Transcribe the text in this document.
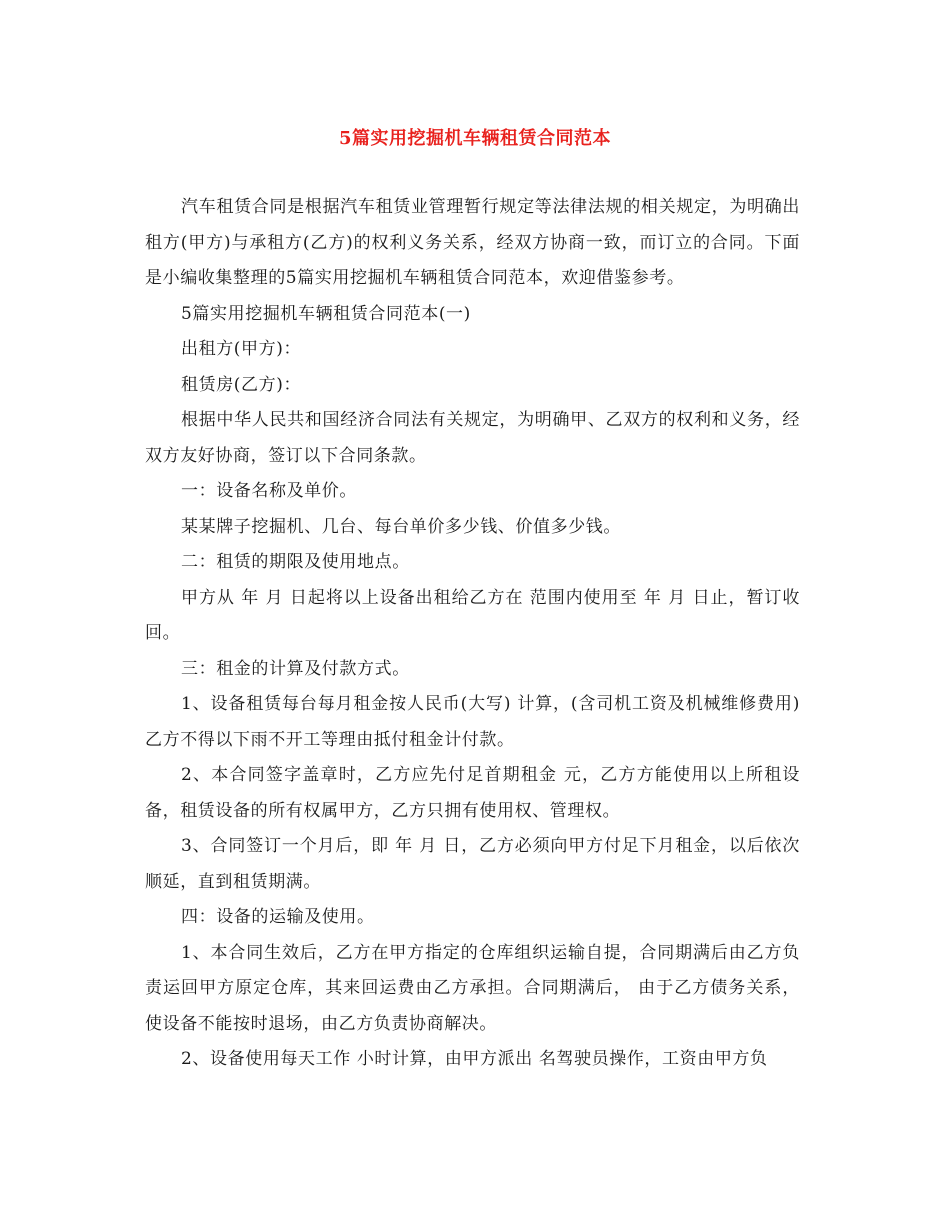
5篇实用挖掘机车辆租赁合同范本

汽车租赁合同是根据汽车租赁业管理暂行规定等法律法规的相关规定，为明确出租方(甲方)与承租方(乙方)的权利义务关系，经双方协商一致，而订立的合同。下面是小编收集整理的5篇实用挖掘机车辆租赁合同范本，欢迎借鉴参考。

5篇实用挖掘机车辆租赁合同范本(一)

出租方(甲方)：

租赁房(乙方)：

根据中华人民共和国经济合同法有关规定，为明确甲、乙双方的权利和义务，经双方友好协商，签订以下合同条款。

一：设备名称及单价。

某某牌子挖掘机、几台、每台单价多少钱、价值多少钱。

二：租赁的期限及使用地点。

甲方从 年 月 日起将以上设备出租给乙方在 范围内使用至 年 月 日止，暂订收回。

三：租金的计算及付款方式。

1、设备租赁每台每月租金按人民币(大写) 计算，(含司机工资及机械维修费用)乙方不得以下雨不开工等理由抵付租金计付款。

2、本合同签字盖章时，乙方应先付足首期租金 元，乙方方能使用以上所租设备，租赁设备的所有权属甲方，乙方只拥有使用权、管理权。

3、合同签订一个月后，即 年 月 日，乙方必须向甲方付足下月租金，以后依次顺延，直到租赁期满。

四：设备的运输及使用。

1、本合同生效后，乙方在甲方指定的仓库组织运输自提，合同期满后由乙方负责运回甲方原定仓库，其来回运费由乙方承担。合同期满后， 由于乙方债务关系，使设备不能按时退场，由乙方负责协商解决。

2、设备使用每天工作 小时计算，由甲方派出 名驾驶员操作，工资由甲方负
